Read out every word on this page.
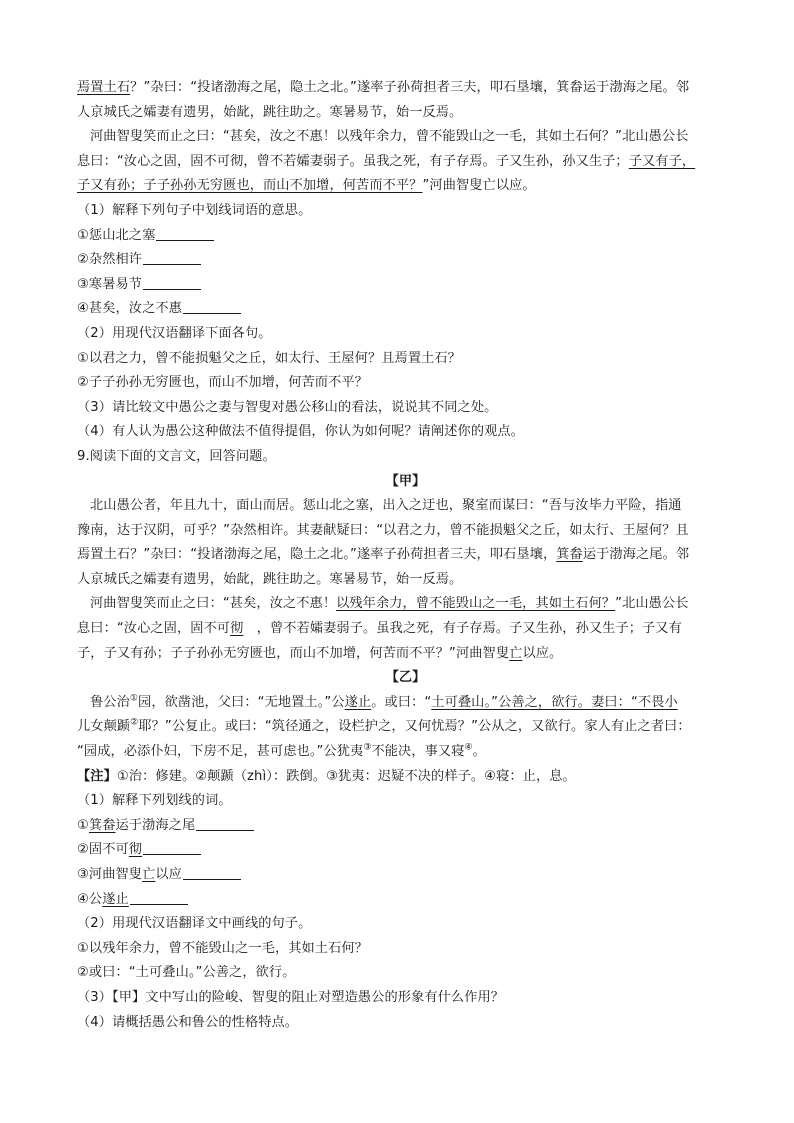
焉置土石？”杂曰：“投诸渤海之尾，隐土之北。”遂率子孙荷担者三夫，叩石垦壤，箕畚运于渤海之尾。邻
人京城氏之孀妻有遗男，始龀，跳往助之。寒暑易节，始一反焉。
河曲智叟笑而止之曰：“甚矣，汝之不惠！以残年余力，曾不能毁山之一毛，其如土石何？”北山愚公长
息曰：“汝心之固，固不可彻，曾不若孀妻弱子。虽我之死，有子存焉。子又生孙，孙又生子；子又有子，
子又有孙；子子孙孙无穷匮也，而山不加增，何苦而不平？”河曲智叟亡以应。
（1）解释下列句子中划线词语的意思。
①惩山北之塞
②杂然相许
③寒暑易节
④甚矣，汝之不惠
（2）用现代汉语翻译下面各句。
①以君之力，曾不能损魁父之丘，如太行、王屋何？且焉置土石？
②子子孙孙无穷匮也，而山不加增，何苦而不平？
（3）请比较文中愚公之妻与智叟对愚公移山的看法，说说其不同之处。
（4）有人认为愚公这种做法不值得提倡，你认为如何呢？请阐述你的观点。
9.阅读下面的文言文，回答问题。
【甲】
北山愚公者，年且九十，面山而居。惩山北之塞，出入之迂也，聚室而谋曰：“吾与汝毕力平险，指通
豫南，达于汉阴，可乎？”杂然相许。其妻献疑曰：“以君之力，曾不能损魁父之丘，如太行、王屋何？且
焉置土石？”杂曰：“投诸渤海之尾，隐土之北。”遂率子孙荷担者三夫，叩石垦壤，箕畚运于渤海之尾。邻
人京城氏之孀妻有遗男，始龀，跳往助之。寒暑易节，始一反焉。
河曲智叟笑而止之曰：“甚矣，汝之不惠！以残年余力，曾不能毁山之一毛，其如土石何？”北山愚公长
息曰：“汝心之固，固不可彻　，曾不若孀妻弱子。虽我之死，有子存焉。子又生孙，孙又生子；子又有
子，子又有孙；子子孙孙无穷匮也，而山不加增，何苦而不平？”河曲智叟亡以应。
【乙】
鲁公治①园，欲凿池，父曰：“无地置土。”公遂止。或曰：“土可叠山。”公善之，欲行。妻曰：“不畏小
儿女颠踬②耶？”公复止。或曰：“筑径通之，设栏护之，又何忧焉？”公从之，又欲行。家人有止之者曰：
“园成，必添仆妇，下房不足，甚可虑也。”公犹夷③不能决，事又寝④。
【注】①治：修建。②颠踬（zhì）：跌倒。③犹夷：迟疑不决的样子。④寝：止，息。
（1）解释下列划线的词。
①箕畚运于渤海之尾
②固不可彻
③河曲智叟亡以应
④公遂止
（2）用现代汉语翻译文中画线的句子。
①以残年余力，曾不能毁山之一毛，其如土石何？
②或曰：“土可叠山。”公善之，欲行。
（3）【甲】文中写山的险峻、智叟的阻止对塑造愚公的形象有什么作用？
（4）请概括愚公和鲁公的性格特点。
